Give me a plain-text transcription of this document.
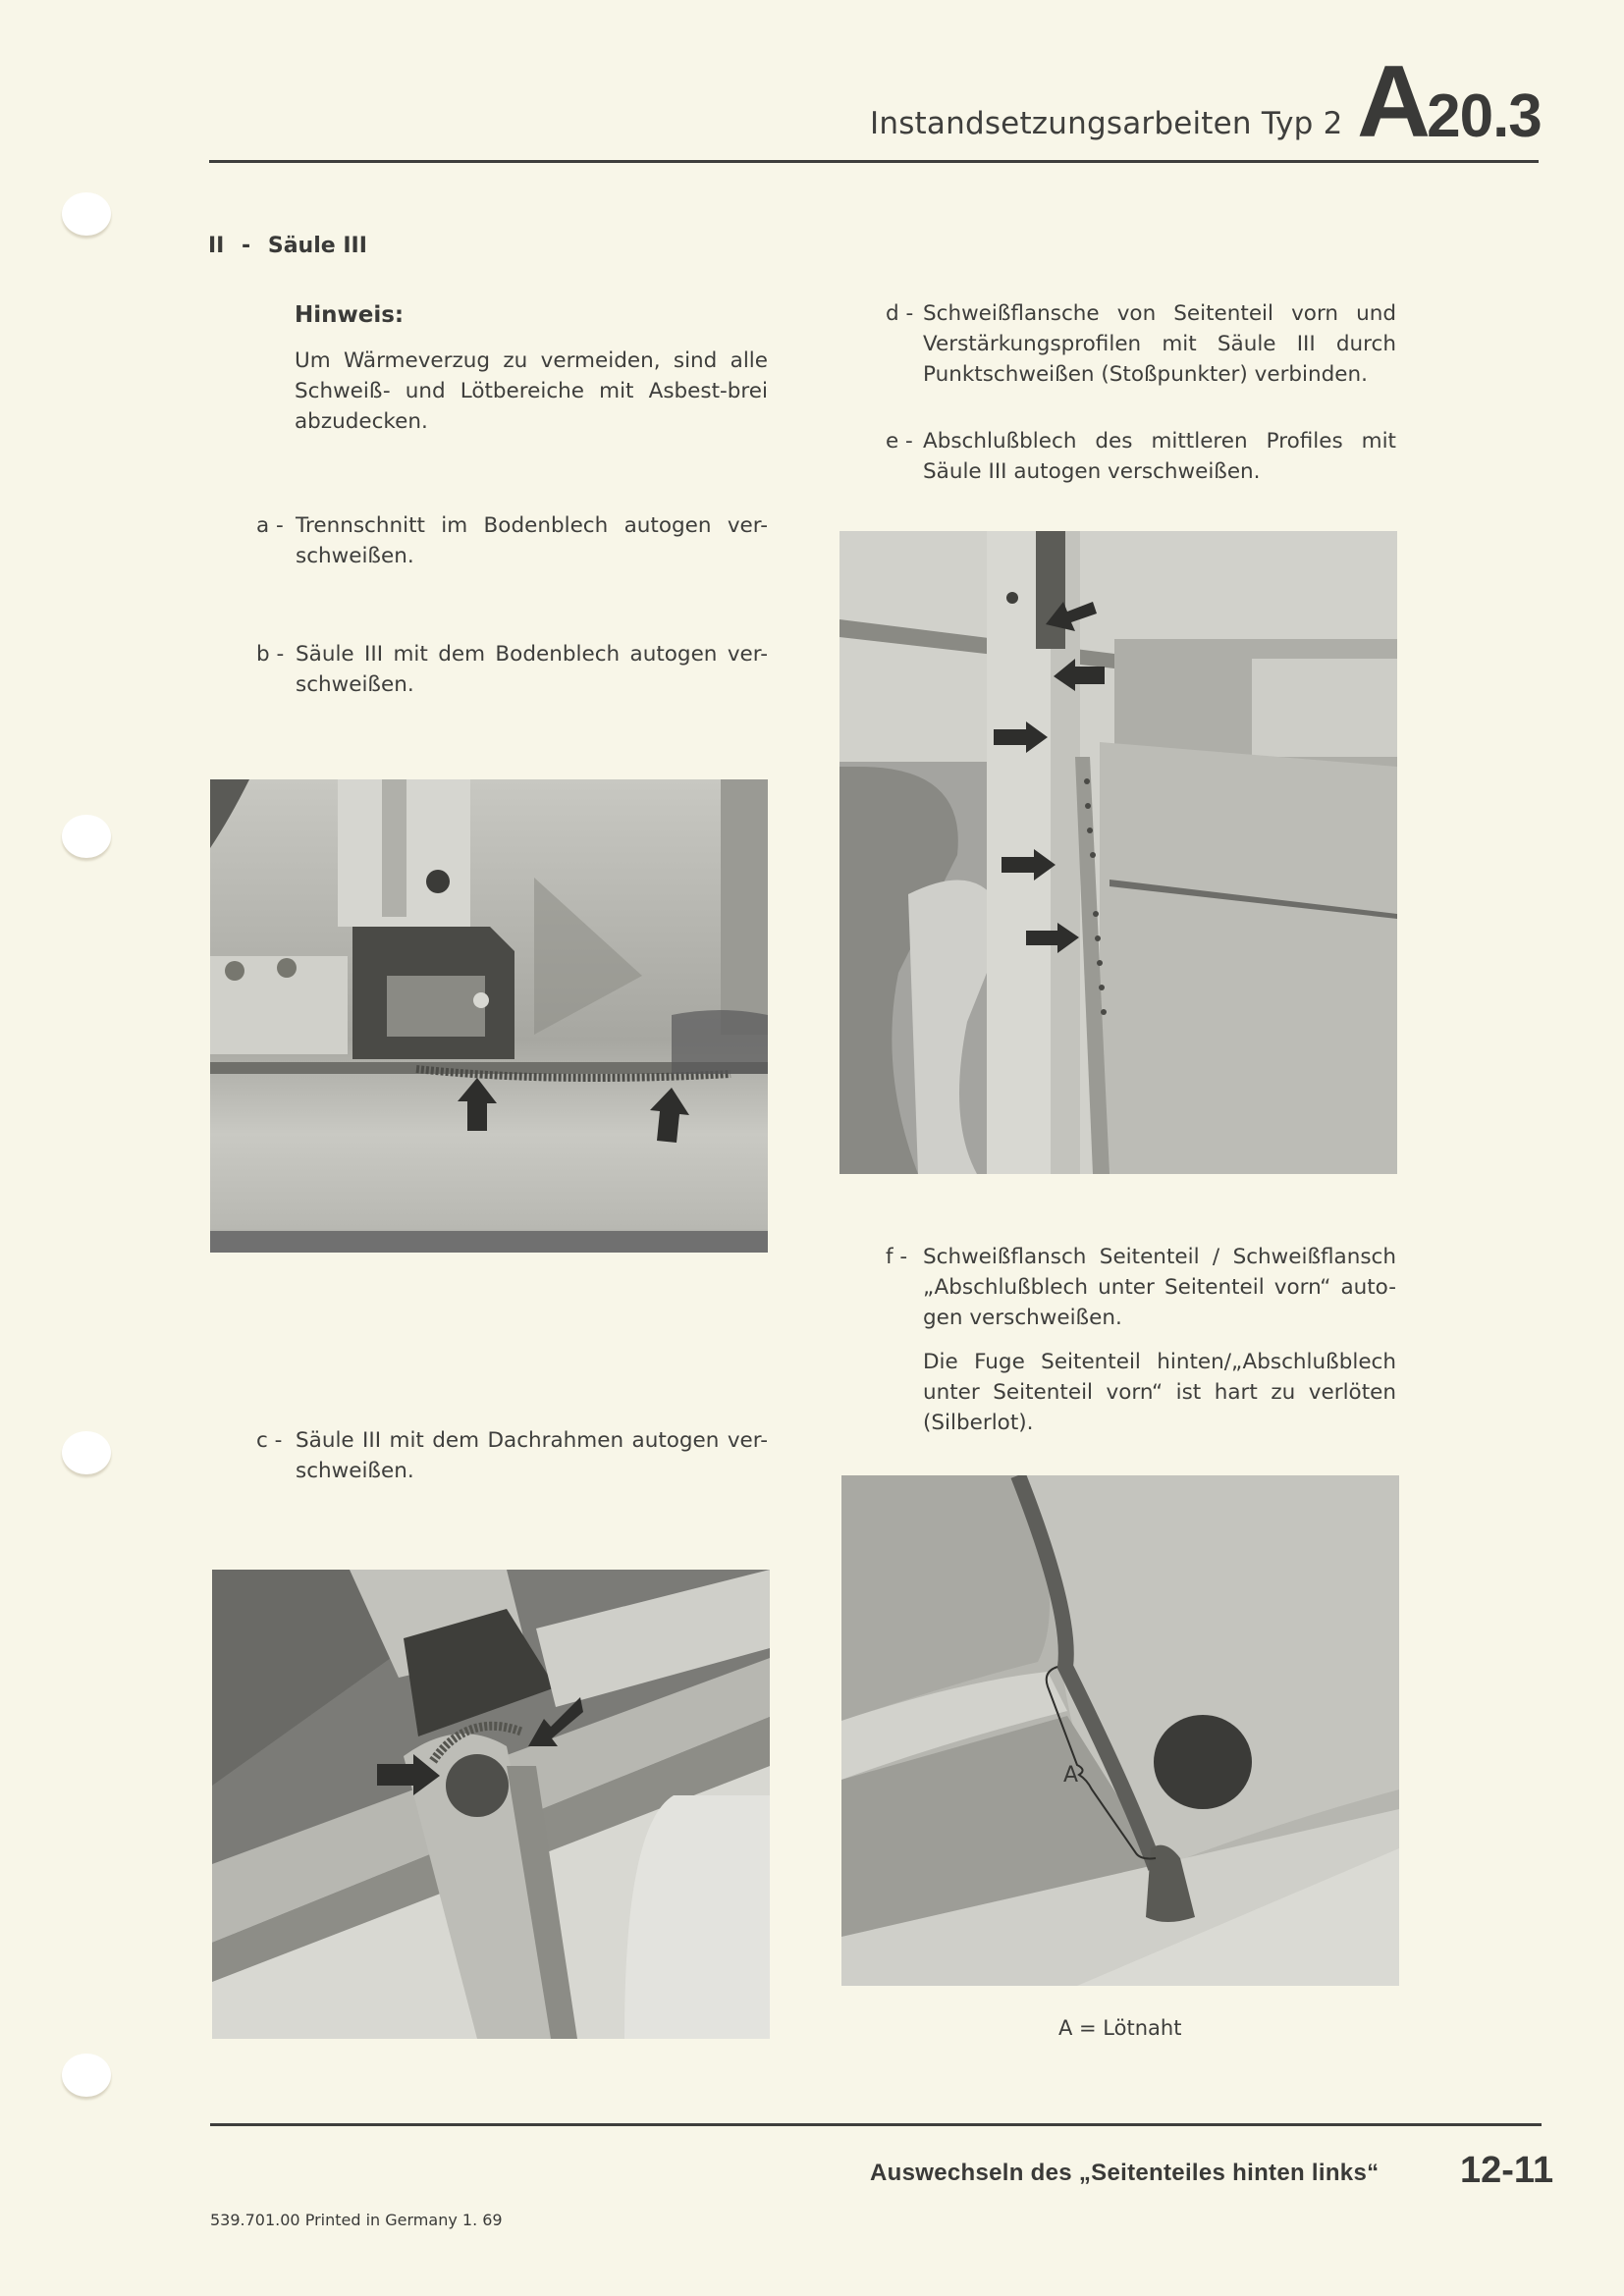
Instandsetzungsarbeiten Typ 2 A 20.3
II - Säule III
Hinweis:
Um Wärmeverzug zu vermeiden, sind alle Schweiß- und Lötbereiche mit Asbest-brei abzudecken.
a - Trennschnitt im Bodenblech autogen ver-schweißen.
b - Säule III mit dem Bodenblech autogen ver-schweißen.
c - Säule III mit dem Dachrahmen autogen ver-schweißen.
d - Schweißflansche von Seitenteil vorn und Verstärkungsprofilen mit Säule III durch Punktschweißen (Stoßpunkter) verbinden.
e - Abschlußblech des mittleren Profiles mit Säule III autogen verschweißen.
f - Schweißflansch Seitenteil / Schweißflansch „Abschlußblech unter Seitenteil vorn“ auto-gen verschweißen.
Die Fuge Seitenteil hinten/„Abschlußblech unter Seitenteil vorn“ ist hart zu verlöten (Silberlot).
A
A = Lötnaht
Auswechseln des „Seitenteiles hinten links“ 12-11
539.701.00 Printed in Germany 1. 69
